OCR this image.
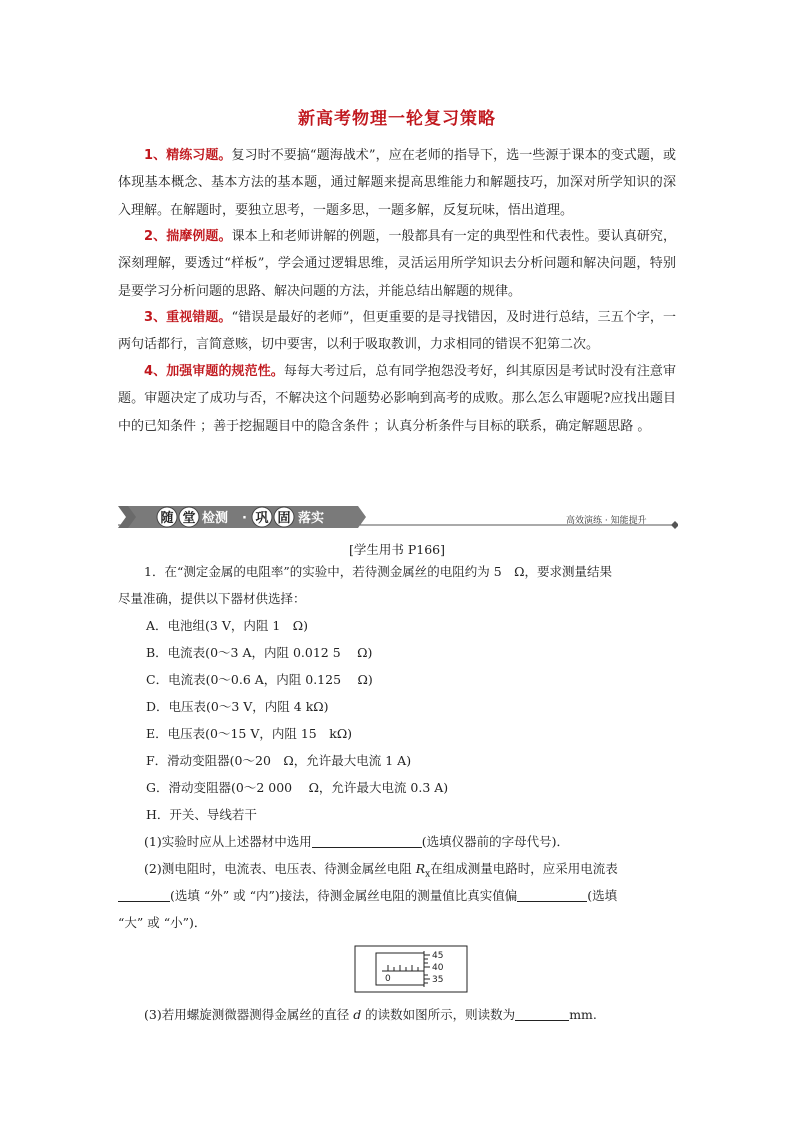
新高考物理一轮复习策略

1、精练习题。复习时不要搞“题海战术”，应在老师的指导下，选一些源于课本的变式题，或体现基本概念、基本方法的基本题，通过解题来提高思维能力和解题技巧，加深对所学知识的深入理解。在解题时，要独立思考，一题多思，一题多解，反复玩味，悟出道理。

2、揣摩例题。课本上和老师讲解的例题，一般都具有一定的典型性和代表性。要认真研究，深刻理解，要透过“样板”，学会通过逻辑思维，灵活运用所学知识去分析问题和解决问题，特别是要学习分析问题的思路、解决问题的方法，并能总结出解题的规律。

3、重视错题。“错误是最好的老师”，但更重要的是寻找错因，及时进行总结，三五个字，一两句话都行，言简意赅，切中要害，以利于吸取教训，力求相同的错误不犯第二次。

4、加强审题的规范性。每每大考过后，总有同学抱怨没考好，纠其原因是考试时没有注意审题。审题决定了成功与否，不解决这个问题势必影响到高考的成败。那么怎么审题呢?应找出题目中的已知条件 ；善于挖掘题目中的隐含条件 ；认真分析条件与目标的联系，确定解题思路 。

随 堂 检测 · 巩 固 落实	高效演练 · 知能提升
[学生用书 P166]

1．在“测定金属的电阻率”的实验中，若待测金属丝的电阻约为 5　Ω，要求测量结果

尽量准确，提供以下器材供选择：

A．电池组(3 V，内阻 1　Ω)

B．电流表(0～3 A，内阻 0.012 5　 Ω)

C．电流表(0～0.6 A，内阻 0.125　 Ω)

D．电压表(0～3 V，内阻 4 kΩ)

E．电压表(0～15 V，内阻 15　kΩ)

F．滑动变阻器(0～20　Ω，允许最大电流 1 A)

G．滑动变阻器(0～2 000　 Ω，允许最大电流 0.3 A)

H．开关、导线若干

(1)实验时应从上述器材中选用	(选填仪器前的字母代号)．

(2)测电阻时，电流表、电压表、待测金属丝电阻 $R_x$在组成测量电路时，应采用电流表

(选填 “外” 或 “内”)接法，待测金属丝电阻的测量值比真实值偏	(选填

“大” 或 “小”)．

45
40
35
0

(3)若用螺旋测微器测得金属丝的直径 d 的读数如图所示，则读数为	mm.
